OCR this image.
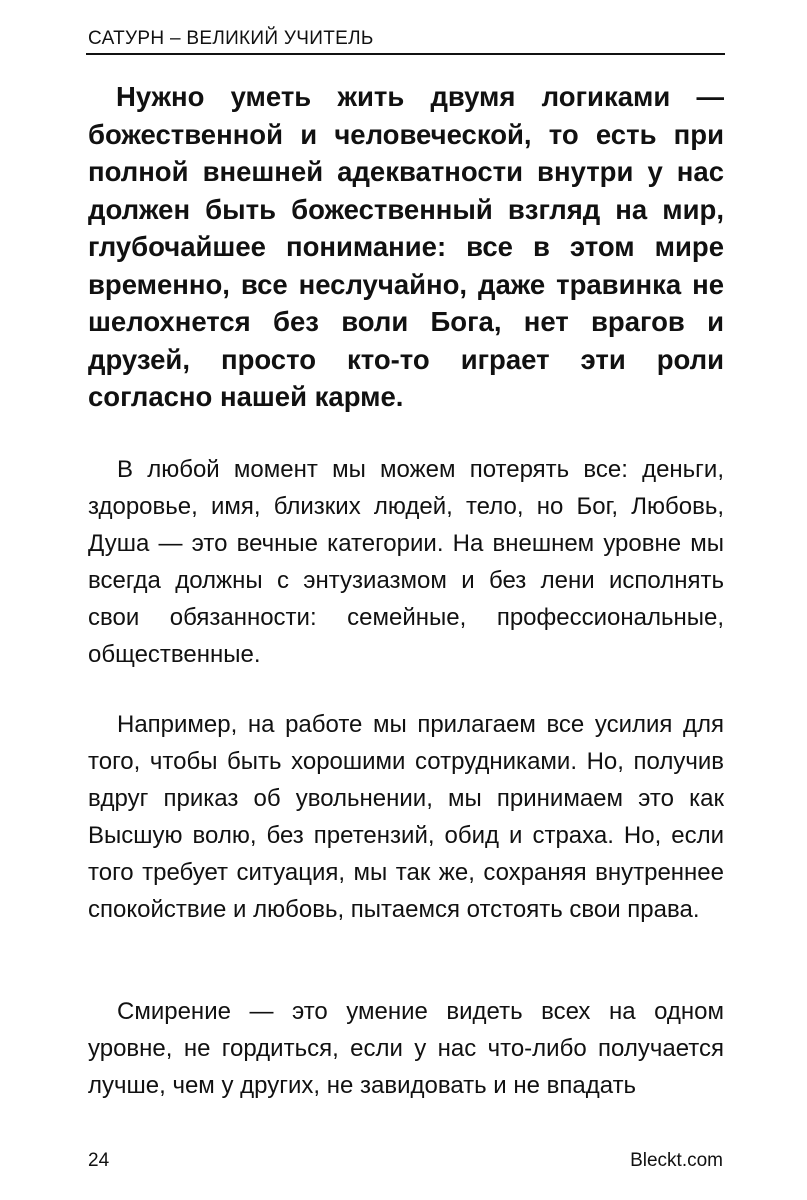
САТУРН – ВЕЛИКИЙ УЧИТЕЛЬ

Нужно уметь жить двумя логиками — божественной и человеческой, то есть при полной внешней адекватности внутри у нас должен быть божественный взгляд на мир, глубочайшее понимание: все в этом мире временно, все неслучайно, даже травинка не шелохнется без воли Бога, нет врагов и друзей, просто кто-то играет эти роли согласно нашей карме.

В любой момент мы можем потерять все: деньги, здоровье, имя, близких людей, тело, но Бог, Любовь, Душа — это вечные категории. На внешнем уровне мы всегда должны с энтузиазмом и без лени исполнять свои обязанности: семейные, профессиональные, общественные.

Например, на работе мы прилагаем все усилия для того, чтобы быть хорошими сотрудниками. Но, получив вдруг приказ об увольнении, мы принимаем это как Высшую волю, без претензий, обид и страха. Но, если того требует ситуация, мы так же, сохраняя внутреннее спокойствие и любовь, пытаемся отстоять свои права.

Смирение — это умение видеть всех на одном уровне, не гордиться, если у нас что-либо получается лучше, чем у других, не завидовать и не впадать

24	Bleckt.com
